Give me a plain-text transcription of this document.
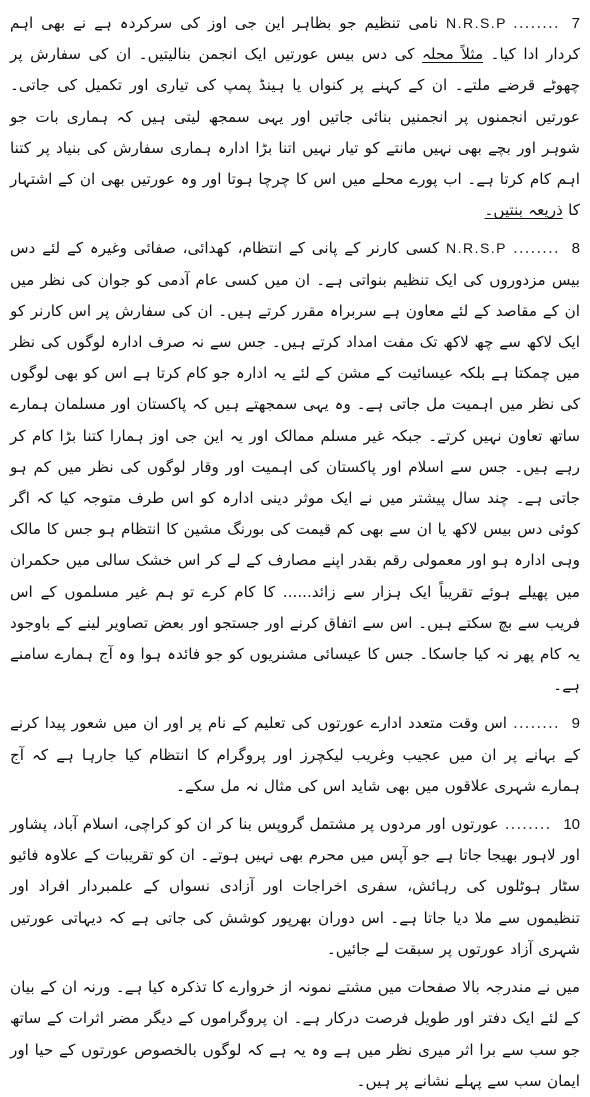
7........N.R.S.P نامی تنظیم جو بظاہر این جی اوز کی سرکردہ ہے نے بھی اہم کردار ادا کیا۔ مثلاً محلہ کی دس بیس عورتیں ایک انجمن بنالیتیں۔ ان کی سفارش پر چھوٹے قرضے ملتے۔ ان کے کہنے پر کنواں یا ہینڈ پمپ کی تیاری اور تکمیل کی جاتی۔ عورتیں انجمنوں پر انجمنیں بنائی جاتیں اور یہی سمجھ لیتی ہیں کہ ہماری بات جو شوہر اور بچے بھی نہیں مانتے کو تیار نہیں اتنا بڑا ادارہ ہماری سفارش کی بنیاد پر کتنا اہم کام کرتا ہے۔ اب پورے محلے میں اس کا چرچا ہوتا اور وہ عورتیں بھی ان کے اشتہار کا ذریعہ بنتیں۔

8........N.R.S.P کسی کارنر کے پانی کے انتظام، کھدائی، صفائی وغیرہ کے لئے دس بیس مزدوروں کی ایک تنظیم بنواتی ہے۔ ان میں کسی عام آدمی کو جوان کی نظر میں ان کے مقاصد کے لئے معاون ہے سربراہ مقرر کرتے ہیں۔ ان کی سفارش پر اس کارنر کو ایک لاکھ سے چھ لاکھ تک مفت امداد کرتے ہیں۔ جس سے نہ صرف ادارہ لوگوں کی نظر میں چمکتا ہے بلکہ عیسائیت کے مشن کے لئے یہ ادارہ جو کام کرتا ہے اس کو بھی لوگوں کی نظر میں اہمیت مل جاتی ہے۔ وہ یہی سمجھتے ہیں کہ پاکستان اور مسلمان ہمارے ساتھ تعاون نہیں کرتے۔ جبکہ غیر مسلم ممالک اور یہ این جی اوز ہمارا کتنا بڑا کام کر رہے ہیں۔ جس سے اسلام اور پاکستان کی اہمیت اور وقار لوگوں کی نظر میں کم ہو جاتی ہے۔ چند سال پیشتر میں نے ایک موثر دینی ادارہ کو اس طرف متوجہ کیا کہ اگر کوئی دس بیس لاکھ یا ان سے بھی کم قیمت کی بورنگ مشین کا انتظام ہو جس کا مالک وہی ادارہ ہو اور معمولی رقم بقدر اپنے مصارف کے لے کر اس خشک سالی میں حکمران میں پھیلے ہوئے تقریباً ایک ہزار سے زائد...... کا کام کرے تو ہم غیر مسلموں کے اس فریب سے بچ سکتے ہیں۔ اس سے اتفاق کرنے اور جستجو اور بعض تصاویر لینے کے باوجود یہ کام پھر نہ کیا جاسکا۔ جس کا عیسائی مشنریوں کو جو فائدہ ہوا وہ آج ہمارے سامنے ہے۔

9........اس وقت متعدد ادارے عورتوں کی تعلیم کے نام پر اور ان میں شعور پیدا کرنے کے بہانے پر ان میں عجیب وغریب لیکچرز اور پروگرام کا انتظام کیا جارہا ہے کہ آج ہمارے شہری علاقوں میں بھی شاید اس کی مثال نہ مل سکے۔

10........عورتوں اور مردوں پر مشتمل گروپس بنا کر ان کو کراچی، اسلام آباد، پشاور اور لاہور بھیجا جاتا ہے جو آپس میں محرم بھی نہیں ہوتے۔ ان کو تقریبات کے علاوہ فائیو سٹار ہوٹلوں کی رہائش، سفری اخراجات اور آزادی نسواں کے علمبردار افراد اور تنظیموں سے ملا دیا جاتا ہے۔ اس دوران بھرپور کوشش کی جاتی ہے کہ دیہاتی عورتیں شہری آزاد عورتوں پر سبقت لے جائیں۔

میں نے مندرجہ بالا صفحات میں مشتے نمونہ از خروارے کا تذکرہ کیا ہے۔ ورنہ ان کے بیان کے لئے ایک دفتر اور طویل فرصت درکار ہے۔ ان پروگراموں کے دیگر مضر اثرات کے ساتھ جو سب سے برا اثر میری نظر میں ہے وہ یہ ہے کہ لوگوں بالخصوص عورتوں کے حیا اور ایمان سب سے پہلے نشانے پر ہیں۔
